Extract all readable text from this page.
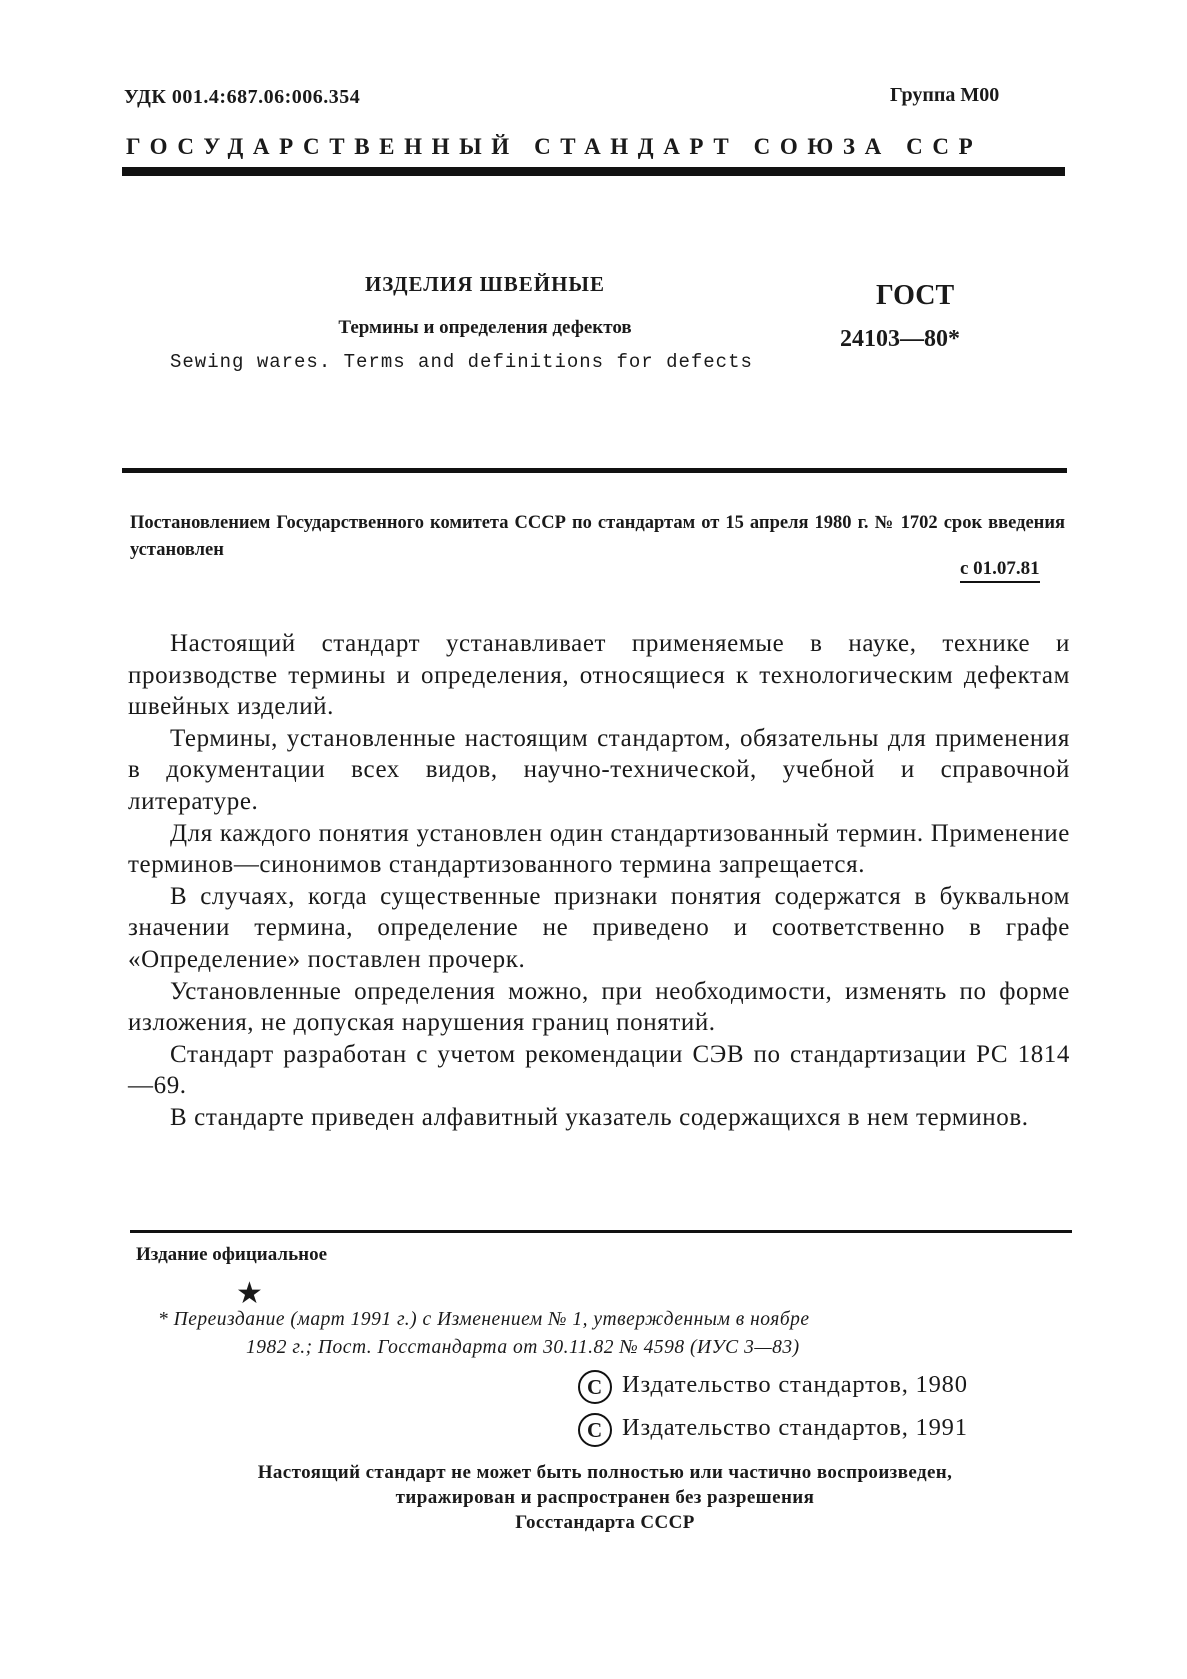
УДК 001.4:687.06:006.354	Группа М00
ГОСУДАРСТВЕННЫЙ СТАНДАРТ СОЮЗА ССР
ИЗДЕЛИЯ ШВЕЙНЫЕ
Термины и определения дефектов
Sewing wares. Terms and definitions for defects
ГОСТ
24103—80*
Постановлением Государственного комитета СССР по стандартам от 15 апреля 1980 г. № 1702 срок введения установлен
с 01.07.81

Настоящий стандарт устанавливает применяемые в науке, технике и производстве термины и определения, относящиеся к технологическим дефектам швейных изделий.

Термины, установленные настоящим стандартом, обязательны для применения в документации всех видов, научно-технической, учебной и справочной литературе.

Для каждого понятия установлен один стандартизованный термин. Применение терминов—синонимов стандартизованного термина запрещается.

В случаях, когда существенные признаки понятия содержатся в буквальном значении термина, определение не приведено и соответственно в графе «Определение» поставлен прочерк.

Установленные определения можно, при необходимости, изменять по форме изложения, не допуская нарушения границ понятий.

Стандарт разработан с учетом рекомендации СЭВ по стандартизации РС 1814—69.

В стандарте приведен алфавитный указатель содержащихся в нем терминов.

Издание официальное
★
* Переиздание (март 1991 г.) с Изменением № 1, утвержденным в ноябре
1982 г.; Пост. Госстандарта от 30.11.82 № 4598 (ИУС 3—83)
С Издательство стандартов, 1980
С Издательство стандартов, 1991
Настоящий стандарт не может быть полностью или частично воспроизведен,
тиражирован и распространен без разрешения
Госстандарта СССР
